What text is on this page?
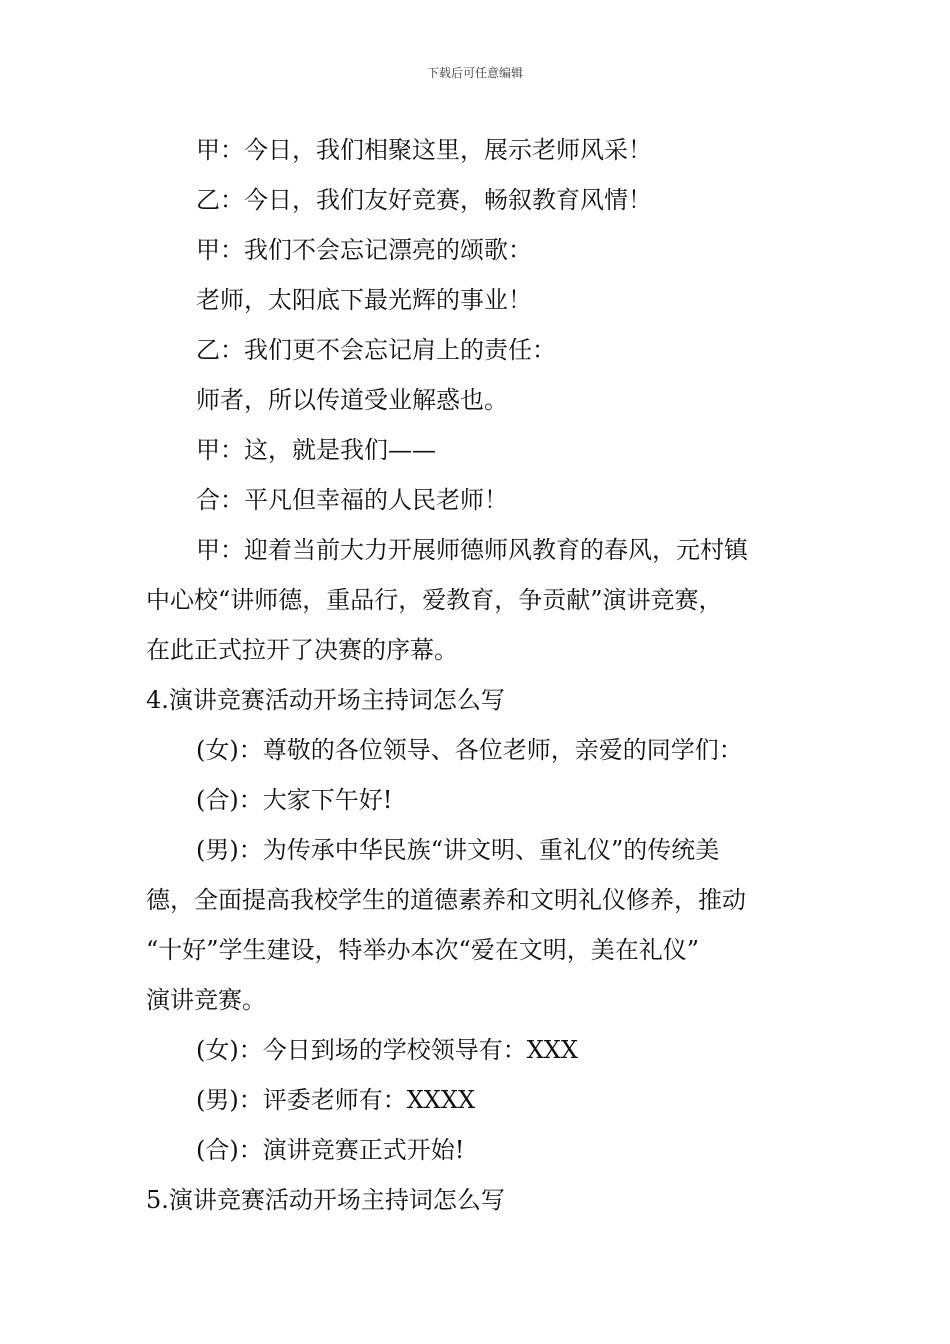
下载后可任意编辑
甲：今日，我们相聚这里，展示老师风采！
乙：今日，我们友好竞赛，畅叙教育风情！
甲：我们不会忘记漂亮的颂歌：
老师，太阳底下最光辉的事业！
乙：我们更不会忘记肩上的责任：
师者，所以传道受业解惑也。
甲：这，就是我们——
合：平凡但幸福的人民老师！
甲：迎着当前大力开展师德师风教育的春风，元村镇
中心校“讲师德，重品行，爱教育，争贡献”演讲竞赛，
在此正式拉开了决赛的序幕。
4.演讲竞赛活动开场主持词怎么写
(女)：尊敬的各位领导、各位老师，亲爱的同学们：
(合)：大家下午好!
(男)：为传承中华民族“讲文明、重礼仪”的传统美
德，全面提高我校学生的道德素养和文明礼仪修养，推动
“十好”学生建设，特举办本次“爱在文明，美在礼仪”
演讲竞赛。
(女)：今日到场的学校领导有：XXX
(男)：评委老师有：XXXX
(合)：演讲竞赛正式开始!
5.演讲竞赛活动开场主持词怎么写
